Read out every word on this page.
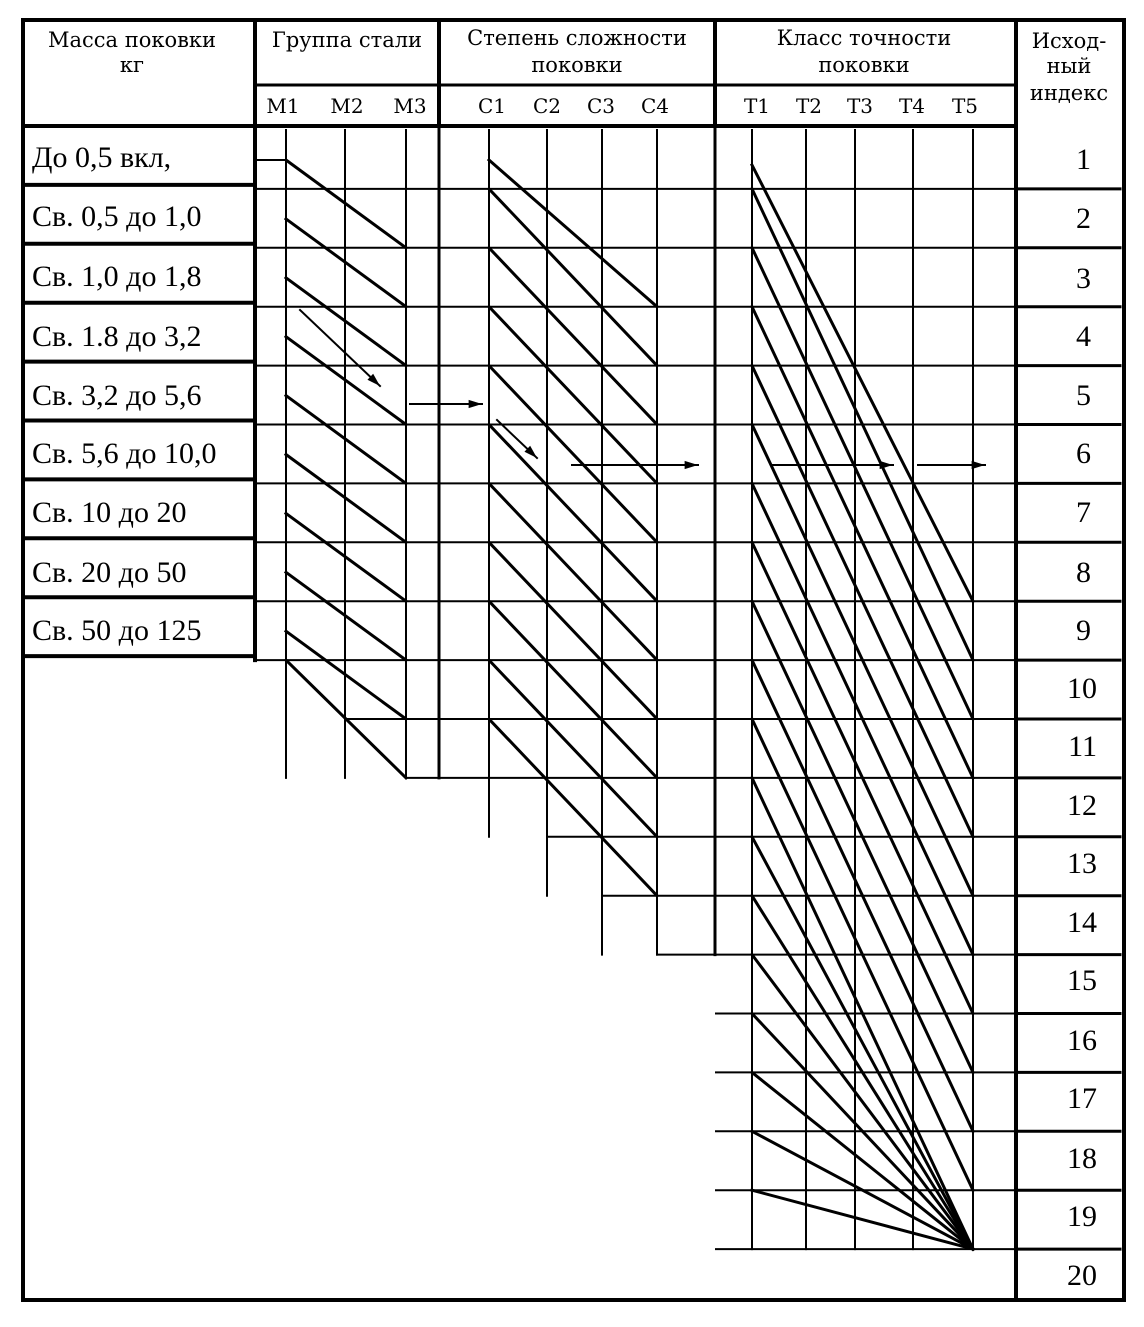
Масса поковки
кг
Группа стали Степень сложности
поковки
Класс точности
поковки
Исход-
ный
индекс
М1 М2 М3	С1 С2 С3 С4	Т1 Т2 Т3 Т4 Т5
До 0,5 вкл,
Св. 0,5 до 1,0
Св. 1,0 до 1,8
Св. 1.8 до 3,2
Св. 3,2 до 5,6
Св. 5,6 до 10,0
Св. 10 до 20
Св. 20 до 50
Св. 50 до 125
1
2
3
4
5
6
7
8
9
10
11
12
13
14
15
16
17
18
19
20
